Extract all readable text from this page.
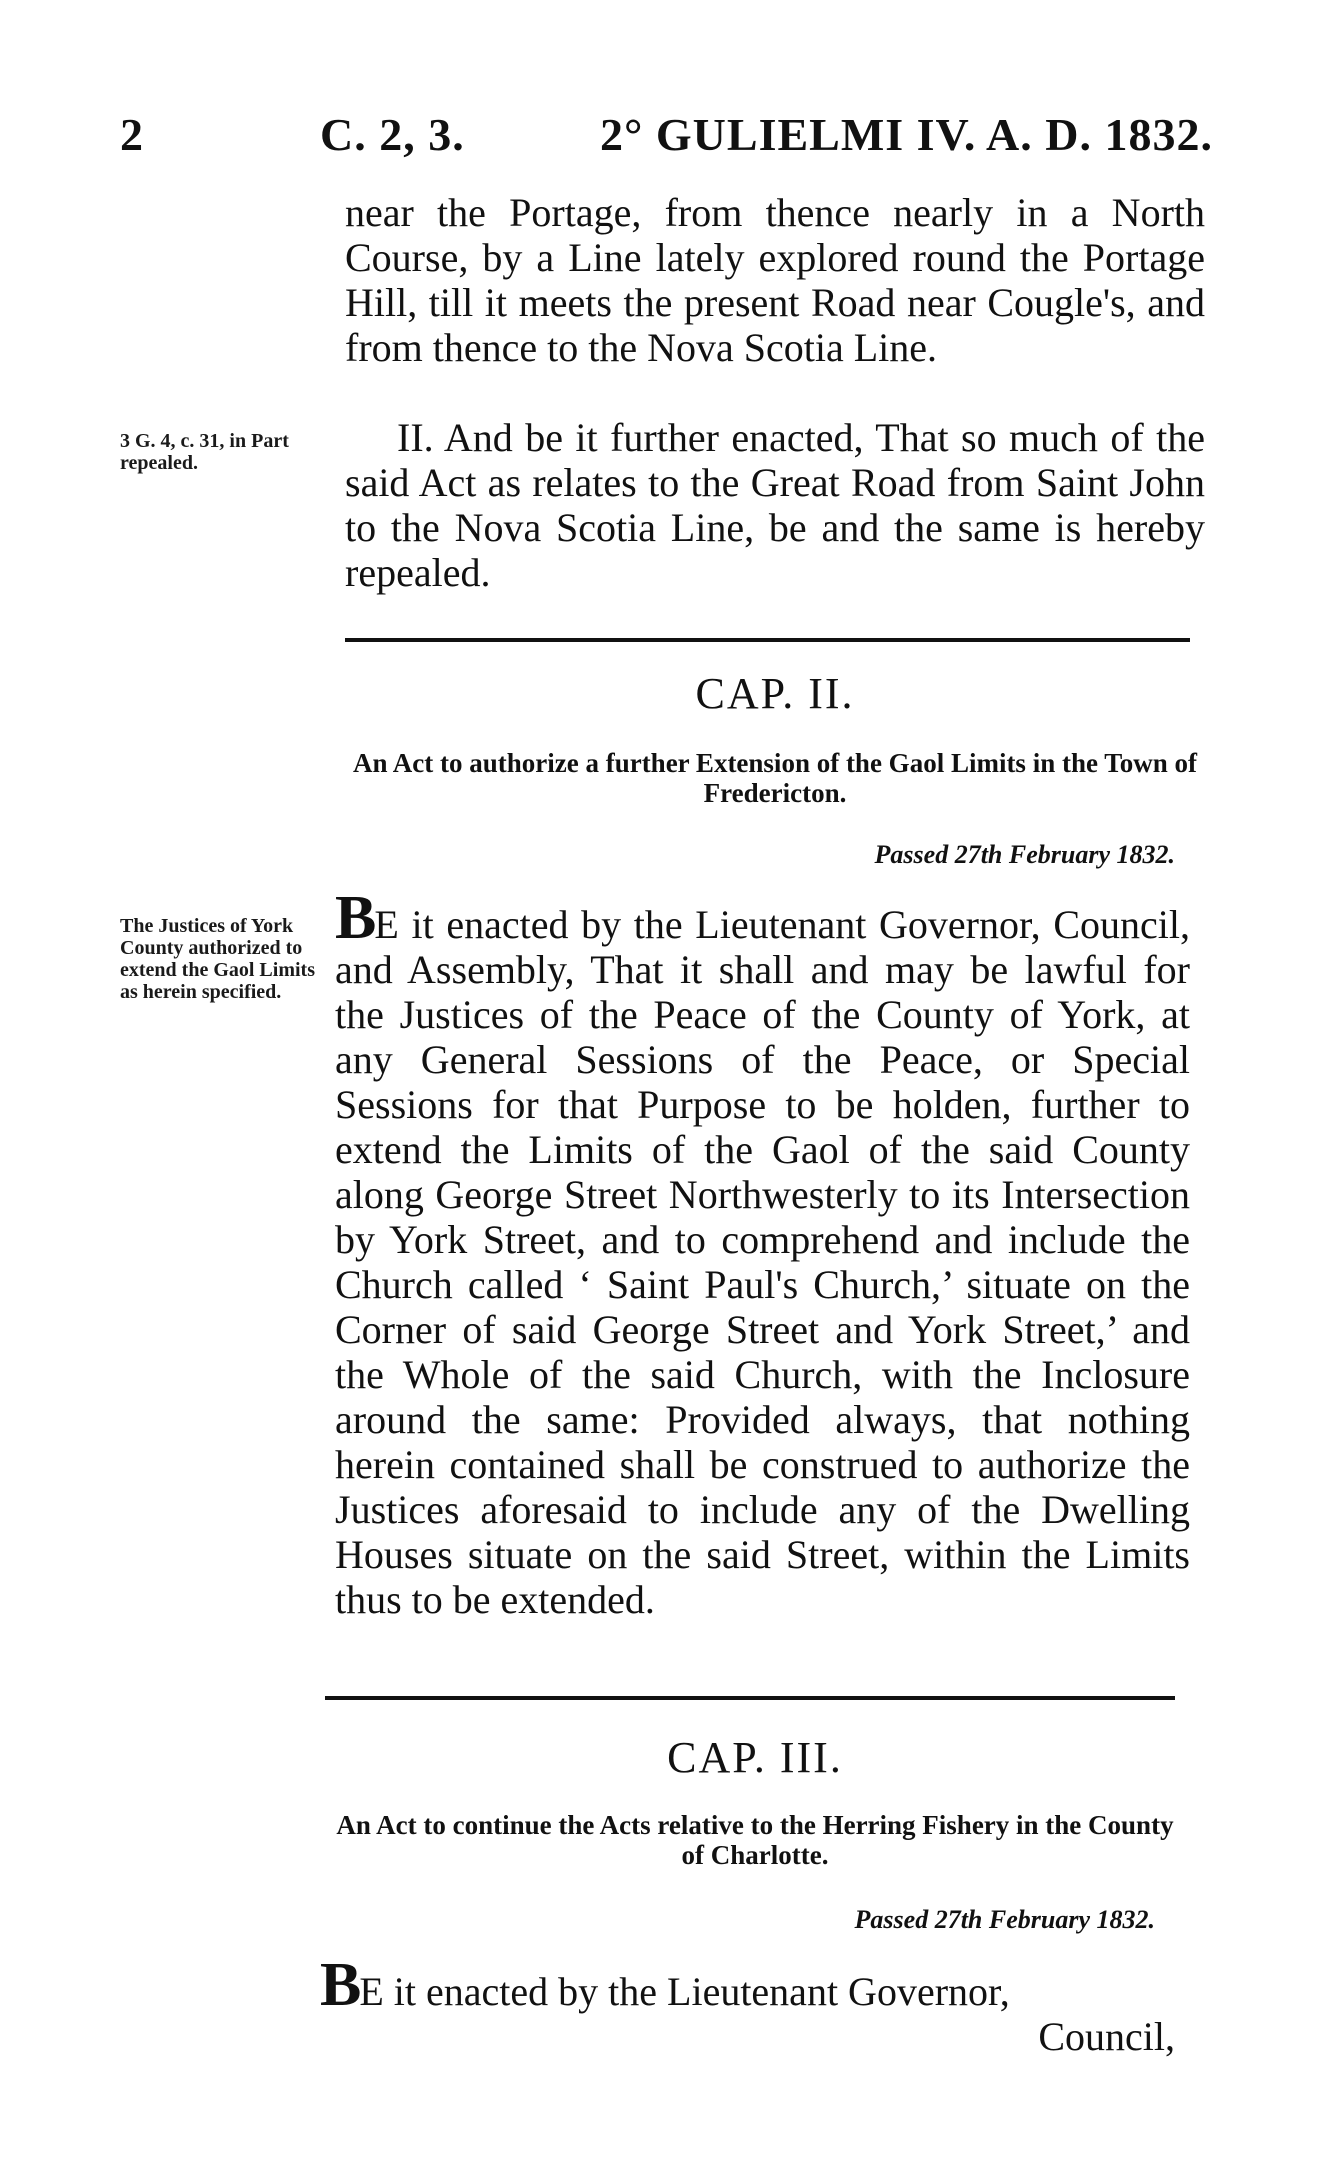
2	C. 2, 3.	2° GULIELMI IV. A. D. 1832.

near the Portage, from thence nearly in a North Course, by a Line lately explored round the Portage Hill, till it meets the present Road near Cougle's, and from thence to the Nova Scotia Line.

3 G. 4, c. 31, in Part repealed.

II. And be it further enacted, That so much of the said Act as relates to the Great Road from Saint John to the Nova Scotia Line, be and the same is hereby repealed.

CAP. II.
An Act to authorize a further Extension of the Gaol Limits in the Town of Fredericton.
Passed 27th February 1832.
The Justices of York County authorized to extend the Gaol Limits as herein specified.

BE it enacted by the Lieutenant Governor, Council, and Assembly, That it shall and may be lawful for the Justices of the Peace of the County of York, at any General Sessions of the Peace, or Special Sessions for that Purpose to be holden, further to extend the Limits of the Gaol of the said County along George Street Northwesterly to its Intersection by York Street, and to comprehend and include the Church called ‘ Saint Paul's Church,’ situate on the Corner of said George Street and York Street,’ and the Whole of the said Church, with the Inclosure around the same: Provided always, that nothing herein contained shall be construed to authorize the Justices aforesaid to include any of the Dwelling Houses situate on the said Street, within the Limits thus to be extended.

CAP. III.
An Act to continue the Acts relative to the Herring Fishery in the County of Charlotte.
Passed 27th February 1832.

BE it enacted by the Lieutenant Governor,

Council,
